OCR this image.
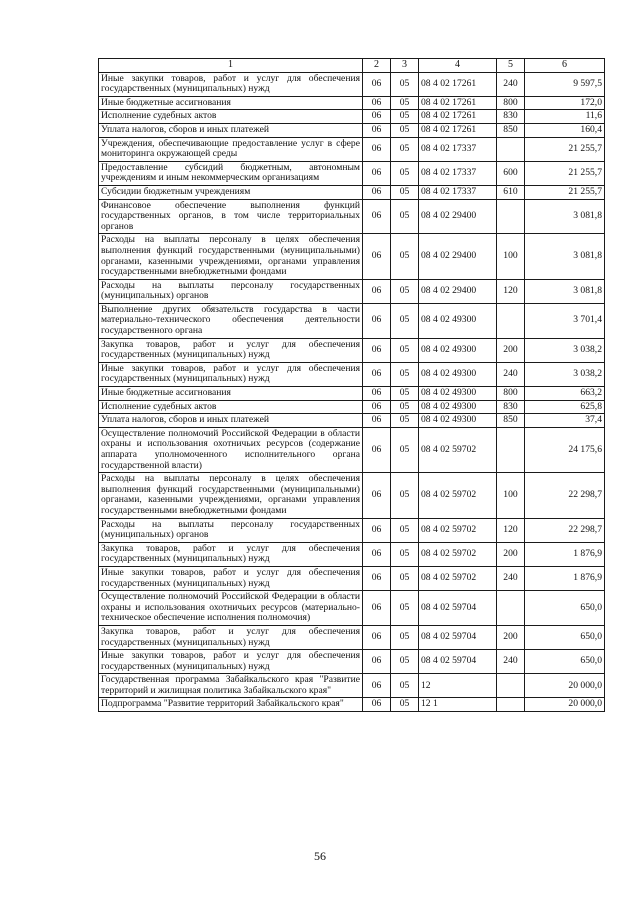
1	2	3	4	5	6
Иные закупки товаров, работ и услуг для обеспечения государственных (муниципальных) нужд	06	05	08 4 02 17261	240	9 597,5
Иные бюджетные ассигнования	06	05	08 4 02 17261	800	172,0
Исполнение судебных актов	06	05	08 4 02 17261	830	11,6
Уплата налогов, сборов и иных платежей	06	05	08 4 02 17261	850	160,4
Учреждения, обеспечивающие предоставление услуг в сфере мониторинга окружающей среды	06	05	08 4 02 17337		21 255,7
Предоставление субсидий бюджетным, автономным учреждениям и иным некоммерческим организациям	06	05	08 4 02 17337	600	21 255,7
Субсидии бюджетным учреждениям	06	05	08 4 02 17337	610	21 255,7
Финансовое обеспечение выполнения функций государственных органов, в том числе территориальных органов	06	05	08 4 02 29400		3 081,8
Расходы на выплаты персоналу в целях обеспечения выполнения функций государственными (муниципальными) органами, казенными учреждениями, органами управления государственными внебюджетными фондами	06	05	08 4 02 29400	100	3 081,8
Расходы на выплаты персоналу государственных (муниципальных) органов	06	05	08 4 02 29400	120	3 081,8
Выполнение других обязательств государства в части материально-технического обеспечения деятельности государственного органа	06	05	08 4 02 49300		3 701,4
Закупка товаров, работ и услуг для обеспечения государственных (муниципальных) нужд	06	05	08 4 02 49300	200	3 038,2
Иные закупки товаров, работ и услуг для обеспечения государственных (муниципальных) нужд	06	05	08 4 02 49300	240	3 038,2
Иные бюджетные ассигнования	06	05	08 4 02 49300	800	663,2
Исполнение судебных актов	06	05	08 4 02 49300	830	625,8
Уплата налогов, сборов и иных платежей	06	05	08 4 02 49300	850	37,4
Осуществление полномочий Российской Федерации в области охраны и использования охотничьих ресурсов (содержание аппарата уполномоченного исполнительного органа государственной власти)	06	05	08 4 02 59702		24 175,6
Расходы на выплаты персоналу в целях обеспечения выполнения функций государственными (муниципальными) органами, казенными учреждениями, органами управления государственными внебюджетными фондами	06	05	08 4 02 59702	100	22 298,7
Расходы на выплаты персоналу государственных (муниципальных) органов	06	05	08 4 02 59702	120	22 298,7
Закупка товаров, работ и услуг для обеспечения государственных (муниципальных) нужд	06	05	08 4 02 59702	200	1 876,9
Иные закупки товаров, работ и услуг для обеспечения государственных (муниципальных) нужд	06	05	08 4 02 59702	240	1 876,9
Осуществление полномочий Российской Федерации в области охраны и использования охотничьих ресурсов (материально-техническое обеспечение исполнения полномочия)	06	05	08 4 02 59704		650,0
Закупка товаров, работ и услуг для обеспечения государственных (муниципальных) нужд	06	05	08 4 02 59704	200	650,0
Иные закупки товаров, работ и услуг для обеспечения государственных (муниципальных) нужд	06	05	08 4 02 59704	240	650,0
Государственная программа Забайкальского края "Развитие территорий и жилищная политика Забайкальского края"	06	05	12		20 000,0
Подпрограмма "Развитие территорий Забайкальского края"	06	05	12 1		20 000,0
56
